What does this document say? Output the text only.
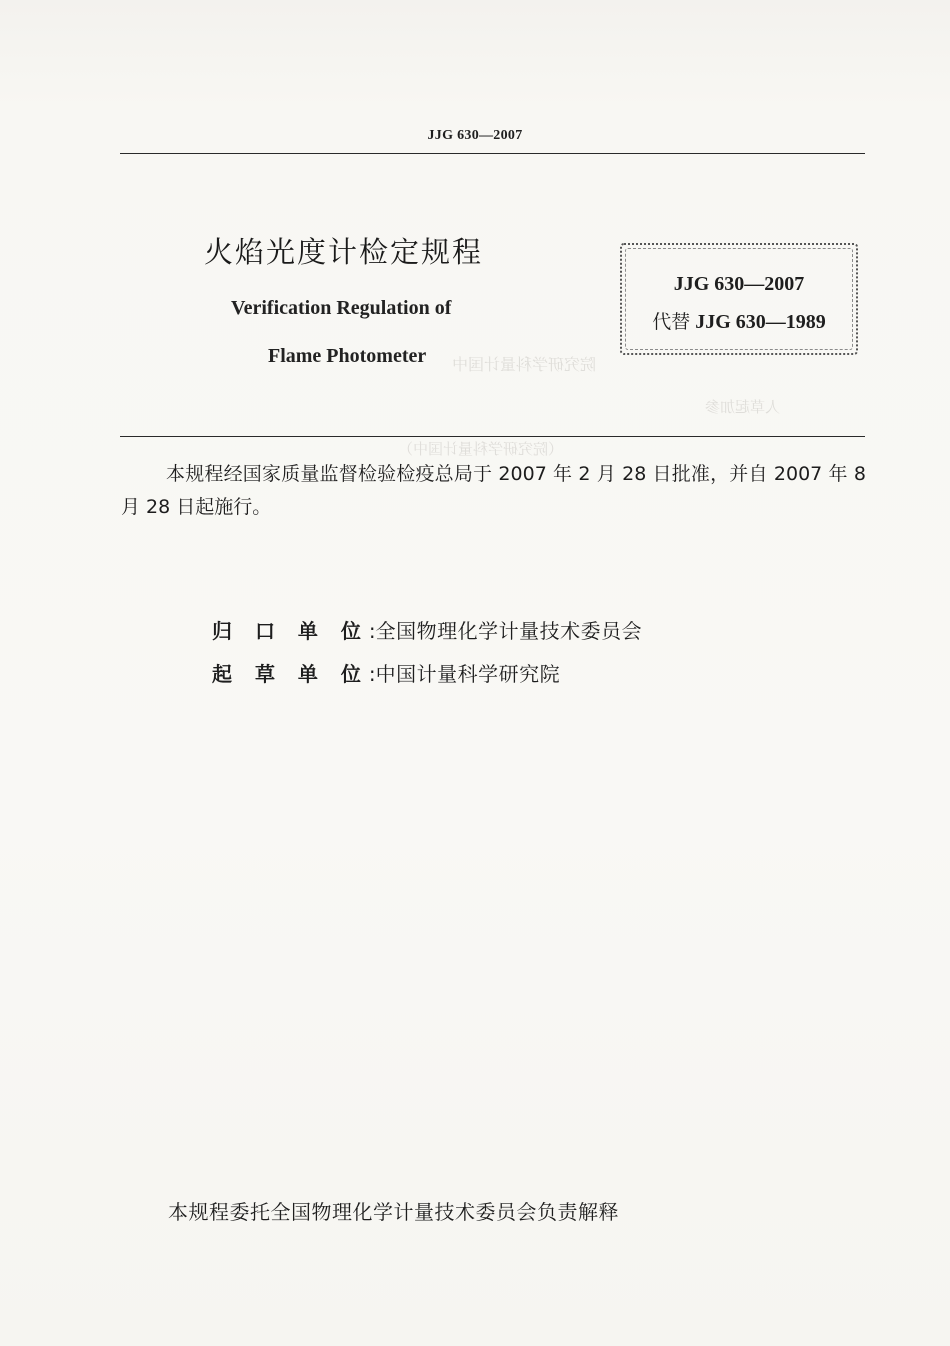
JJG 630—2007
火焰光度计检定规程
Verification Regulation of
Flame Photometer
JJG 630—2007
代替 JJG 630—1989
院究研学科量计国中
人草起加参
（院究研学科量计国中）
本规程经国家质量监督检验检疫总局于 2007 年 2 月 28 日批准，并自 2007 年 8 月 28 日起施行。
归 口 单 位:全国物理化学计量技术委员会
起 草 单 位:中国计量科学研究院
本规程委托全国物理化学计量技术委员会负责解释
